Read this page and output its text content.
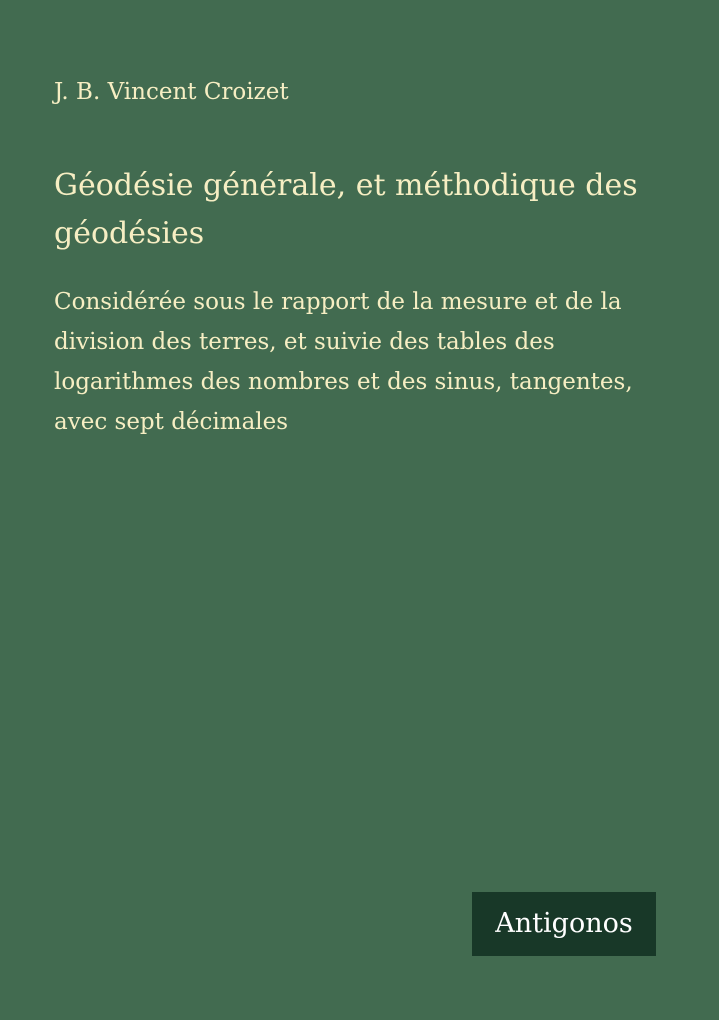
J. B. Vincent Croizet
Géodésie générale, et méthodique des géodésies
Considérée sous le rapport de la mesure et de la division des terres, et suivie des tables des logarithmes des nombres et des sinus, tangentes, avec sept décimales
Antigonos
